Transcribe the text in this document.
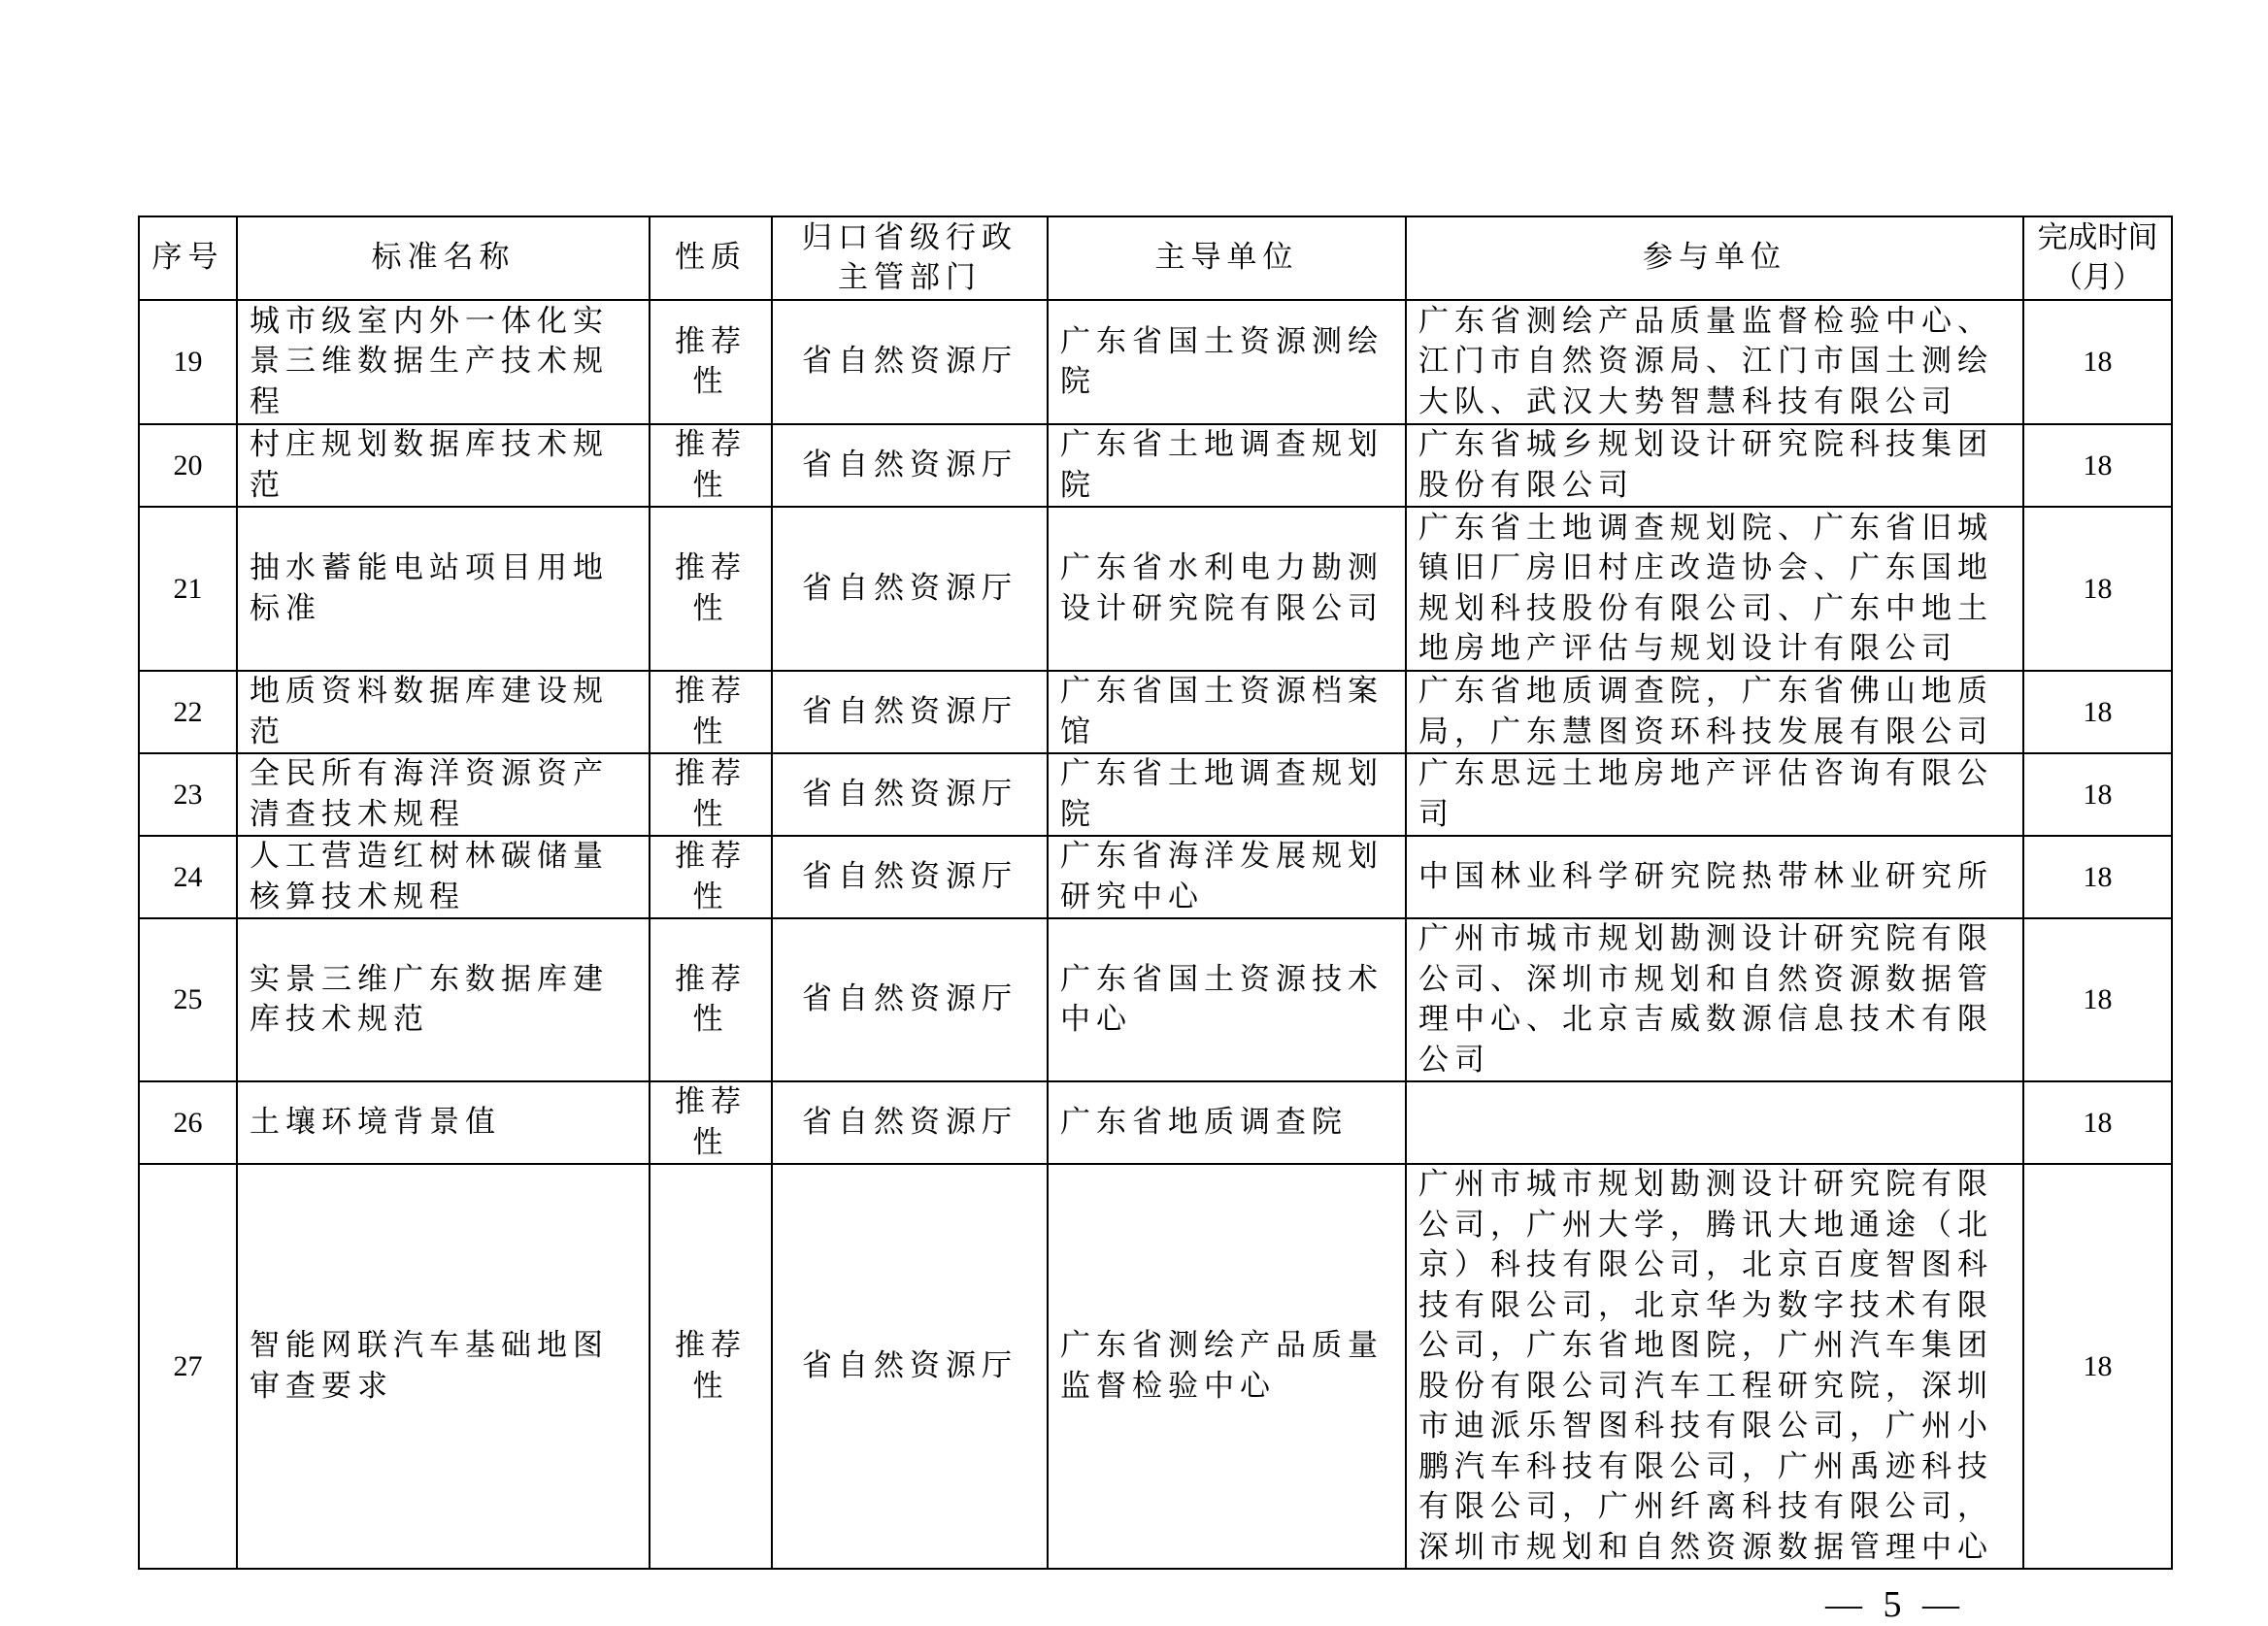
序号	标准名称	性质	归口省级行政主管部门	主导单位	参与单位	完成时间（月）
19	城市级室内外一体化实景三维数据生产技术规程	推荐性	省自然资源厅	广东省国土资源测绘院	广东省测绘产品质量监督检验中心、江门市自然资源局、江门市国土测绘大队、武汉大势智慧科技有限公司	18
20	村庄规划数据库技术规范	推荐性	省自然资源厅	广东省土地调查规划院	广东省城乡规划设计研究院科技集团股份有限公司	18
21	抽水蓄能电站项目用地标准	推荐性	省自然资源厅	广东省水利电力勘测设计研究院有限公司	广东省土地调查规划院、广东省旧城镇旧厂房旧村庄改造协会、广东国地规划科技股份有限公司、广东中地土地房地产评估与规划设计有限公司	18
22	地质资料数据库建设规范	推荐性	省自然资源厅	广东省国土资源档案馆	广东省地质调查院，广东省佛山地质局，广东慧图资环科技发展有限公司	18
23	全民所有海洋资源资产清查技术规程	推荐性	省自然资源厅	广东省土地调查规划院	广东思远土地房地产评估咨询有限公司	18
24	人工营造红树林碳储量核算技术规程	推荐性	省自然资源厅	广东省海洋发展规划研究中心	中国林业科学研究院热带林业研究所	18
25	实景三维广东数据库建库技术规范	推荐性	省自然资源厅	广东省国土资源技术中心	广州市城市规划勘测设计研究院有限公司、深圳市规划和自然资源数据管理中心、北京吉威数源信息技术有限公司	18
26	土壤环境背景值	推荐性	省自然资源厅	广东省地质调查院		18
27	智能网联汽车基础地图审查要求	推荐性	省自然资源厅	广东省测绘产品质量监督检验中心	广州市城市规划勘测设计研究院有限公司，广州大学，腾讯大地通途（北京）科技有限公司，北京百度智图科技有限公司，北京华为数字技术有限公司，广东省地图院，广州汽车集团股份有限公司汽车工程研究院，深圳市迪派乐智图科技有限公司，广州小鹏汽车科技有限公司，广州禹迹科技有限公司，广州纤离科技有限公司，深圳市规划和自然资源数据管理中心	18
— 5 —
